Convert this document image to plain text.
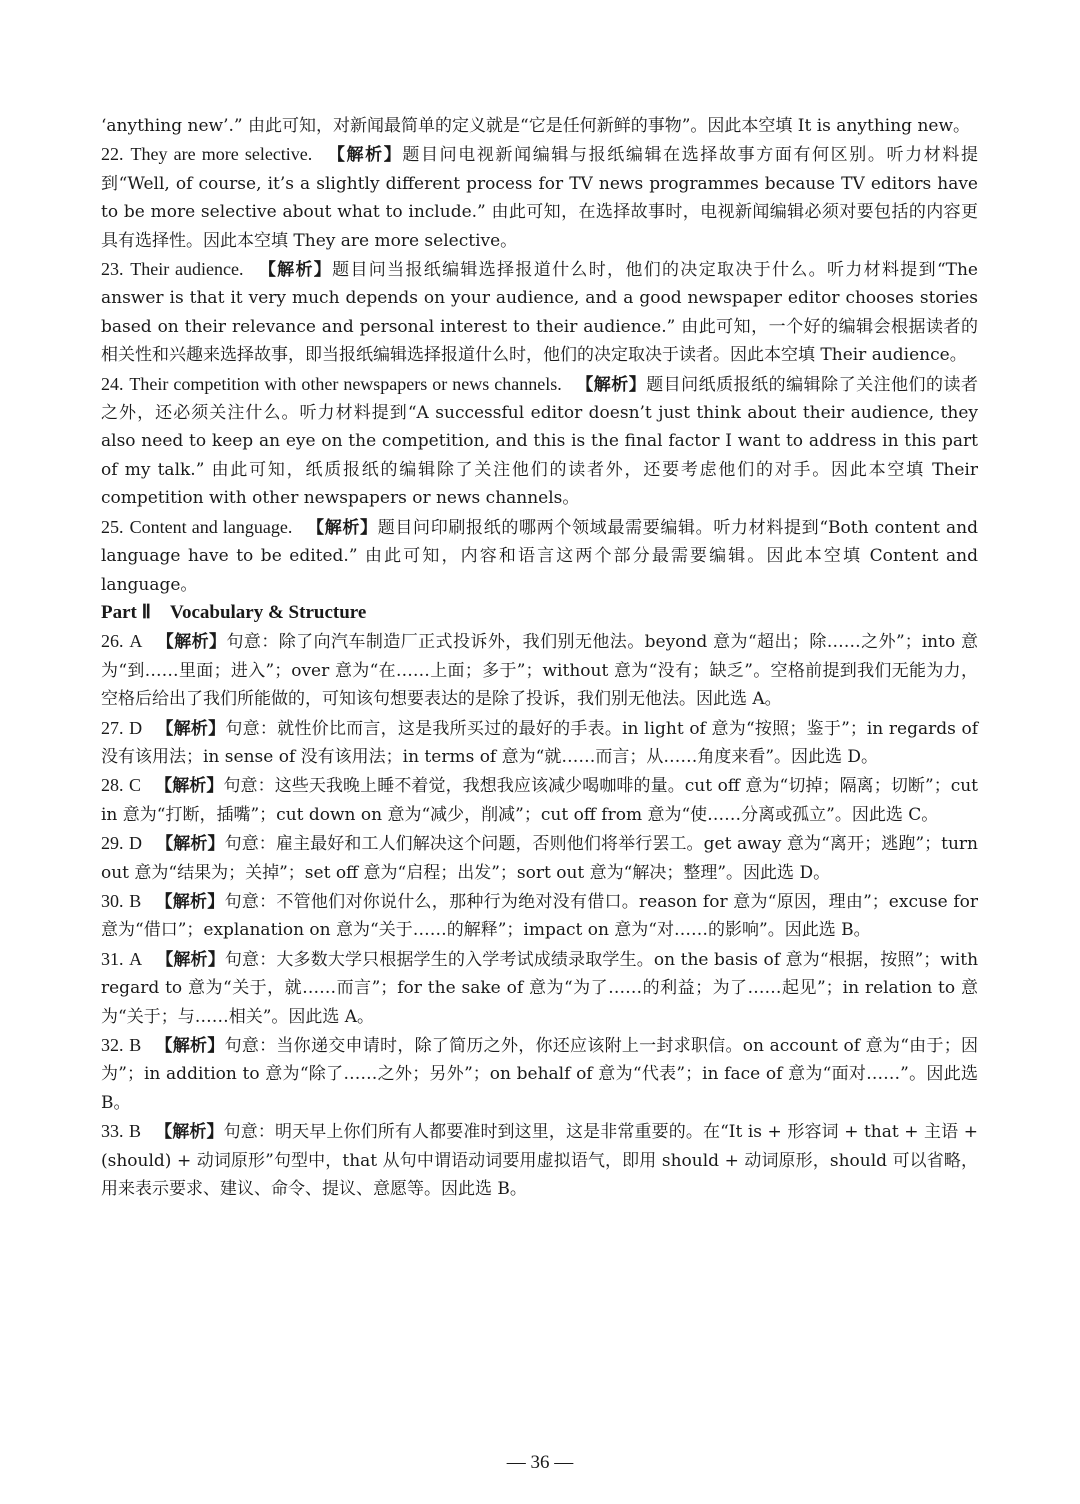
‘anything new’.” 由此可知，对新闻最简单的定义就是“它是任何新鲜的事物”。因此本空填 It is anything new。

22. They are more selective. 【解析】题目问电视新闻编辑与报纸编辑在选择故事方面有何区别。听力材料提到“Well, of course, it’s a slightly different process for TV news programmes because TV editors have to be more selective about what to include.” 由此可知，在选择故事时，电视新闻编辑必须对要包括的内容更具有选择性。因此本空填 They are more selective。

23. Their audience. 【解析】题目问当报纸编辑选择报道什么时，他们的决定取决于什么。听力材料提到“The answer is that it very much depends on your audience, and a good newspaper editor chooses stories based on their relevance and personal interest to their audience.” 由此可知，一个好的编辑会根据读者的相关性和兴趣来选择故事，即当报纸编辑选择报道什么时，他们的决定取决于读者。因此本空填 Their audience。

24. Their competition with other newspapers or news channels. 【解析】题目问纸质报纸的编辑除了关注他们的读者之外，还必须关注什么。听力材料提到“A successful editor doesn’t just think about their audience, they also need to keep an eye on the competition, and this is the final factor I want to address in this part of my talk.” 由此可知，纸质报纸的编辑除了关注他们的读者外，还要考虑他们的对手。因此本空填 Their competition with other newspapers or news channels。

25. Content and language. 【解析】题目问印刷报纸的哪两个领域最需要编辑。听力材料提到“Both content and language have to be edited.” 由此可知，内容和语言这两个部分最需要编辑。因此本空填 Content and language。

Part Ⅱ　Vocabulary & Structure

26. A 【解析】句意：除了向汽车制造厂正式投诉外，我们别无他法。beyond 意为“超出；除……之外”；into 意为“到……里面；进入”；over 意为“在……上面；多于”；without 意为“没有；缺乏”。空格前提到我们无能为力，空格后给出了我们所能做的，可知该句想要表达的是除了投诉，我们别无他法。因此选 A。

27. D 【解析】句意：就性价比而言，这是我所买过的最好的手表。in light of 意为“按照；鉴于”；in regards of 没有该用法；in sense of 没有该用法；in terms of 意为“就……而言；从……角度来看”。因此选 D。

28. C 【解析】句意：这些天我晚上睡不着觉，我想我应该减少喝咖啡的量。cut off 意为“切掉；隔离；切断”；cut in 意为“打断，插嘴”；cut down on 意为“减少，削减”；cut off from 意为“使……分离或孤立”。因此选 C。

29. D 【解析】句意：雇主最好和工人们解决这个问题，否则他们将举行罢工。get away 意为“离开；逃跑”；turn out 意为“结果为；关掉”；set off 意为“启程；出发”；sort out 意为“解决；整理”。因此选 D。

30. B 【解析】句意：不管他们对你说什么，那种行为绝对没有借口。reason for 意为“原因，理由”；excuse for 意为“借口”；explanation on 意为“关于……的解释”；impact on 意为“对……的影响”。因此选 B。

31. A 【解析】句意：大多数大学只根据学生的入学考试成绩录取学生。on the basis of 意为“根据，按照”；with regard to 意为“关于，就……而言”；for the sake of 意为“为了……的利益；为了……起见”；in relation to 意为“关于；与……相关”。因此选 A。

32. B 【解析】句意：当你递交申请时，除了简历之外，你还应该附上一封求职信。on account of 意为“由于；因为”；in addition to 意为“除了……之外；另外”；on behalf of 意为“代表”；in face of 意为“面对……”。因此选 B。

33. B 【解析】句意：明天早上你们所有人都要准时到这里，这是非常重要的。在“It is + 形容词 + that + 主语 + (should) + 动词原形”句型中，that 从句中谓语动词要用虚拟语气，即用 should + 动词原形，should 可以省略，用来表示要求、建议、命令、提议、意愿等。因此选 B。

— 36 —
